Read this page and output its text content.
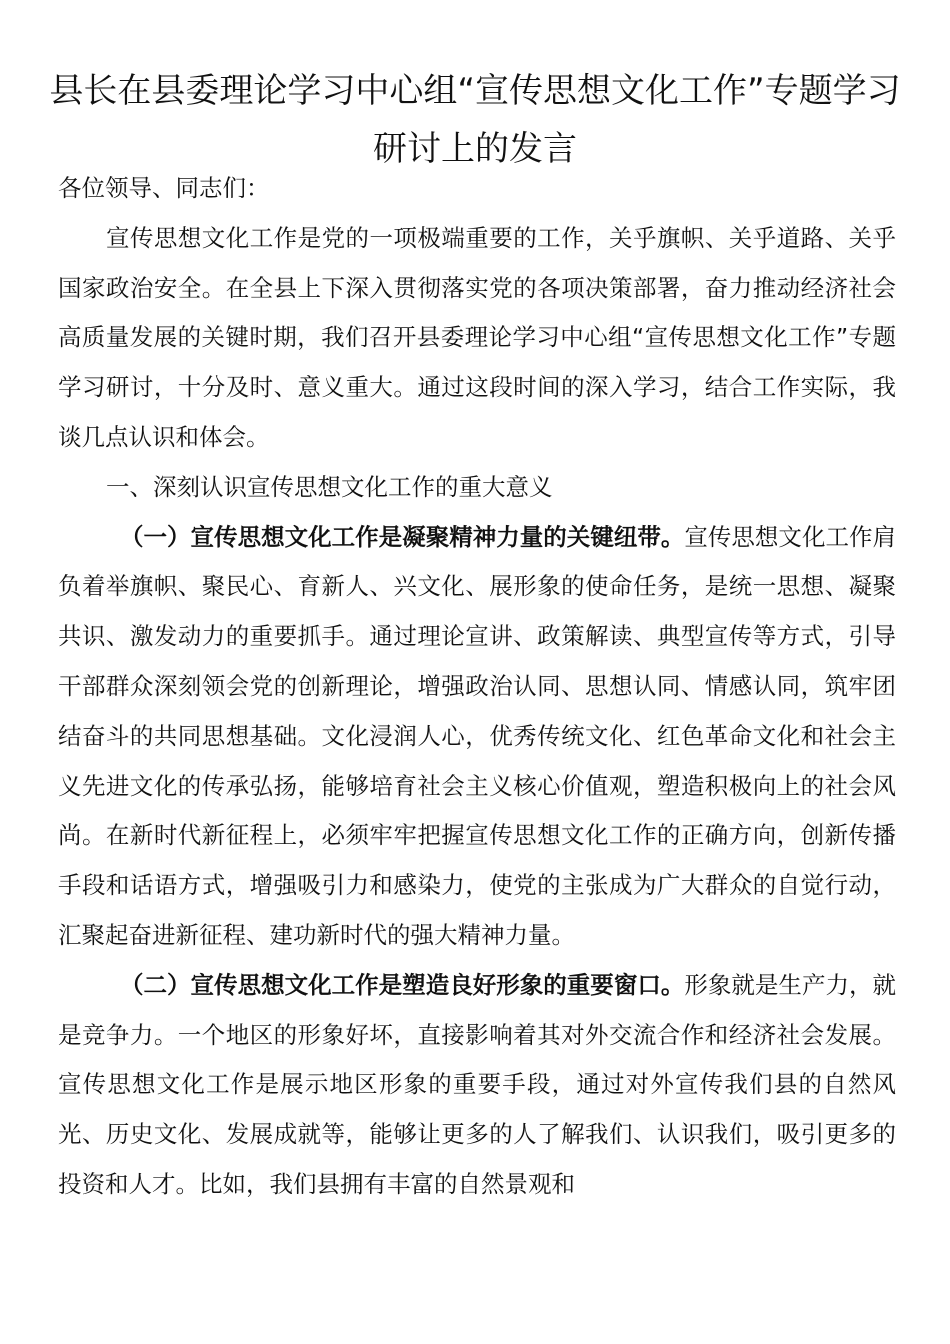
县长在县委理论学习中心组“宣传思想文化工作”专题学习研讨上的发言

各位领导、同志们：

宣传思想文化工作是党的一项极端重要的工作，关乎旗帜、关乎道路、关乎国家政治安全。在全县上下深入贯彻落实党的各项决策部署，奋力推动经济社会高质量发展的关键时期，我们召开县委理论学习中心组“宣传思想文化工作”专题学习研讨，十分及时、意义重大。通过这段时间的深入学习，结合工作实际，我谈几点认识和体会。

一、深刻认识宣传思想文化工作的重大意义

（一）宣传思想文化工作是凝聚精神力量的关键纽带。宣传思想文化工作肩负着举旗帜、聚民心、育新人、兴文化、展形象的使命任务，是统一思想、凝聚共识、激发动力的重要抓手。通过理论宣讲、政策解读、典型宣传等方式，引导干部群众深刻领会党的创新理论，增强政治认同、思想认同、情感认同，筑牢团结奋斗的共同思想基础。文化浸润人心，优秀传统文化、红色革命文化和社会主义先进文化的传承弘扬，能够培育社会主义核心价值观，塑造积极向上的社会风尚。在新时代新征程上，必须牢牢把握宣传思想文化工作的正确方向，创新传播手段和话语方式，增强吸引力和感染力，使党的主张成为广大群众的自觉行动，汇聚起奋进新征程、建功新时代的强大精神力量。

（二）宣传思想文化工作是塑造良好形象的重要窗口。形象就是生产力，就是竞争力。一个地区的形象好坏，直接影响着其对外交流合作和经济社会发展。宣传思想文化工作是展示地区形象的重要手段，通过对外宣传我们县的自然风光、历史文化、发展成就等，能够让更多的人了解我们、认识我们，吸引更多的投资和人才。比如，我们县拥有丰富的自然景观和
